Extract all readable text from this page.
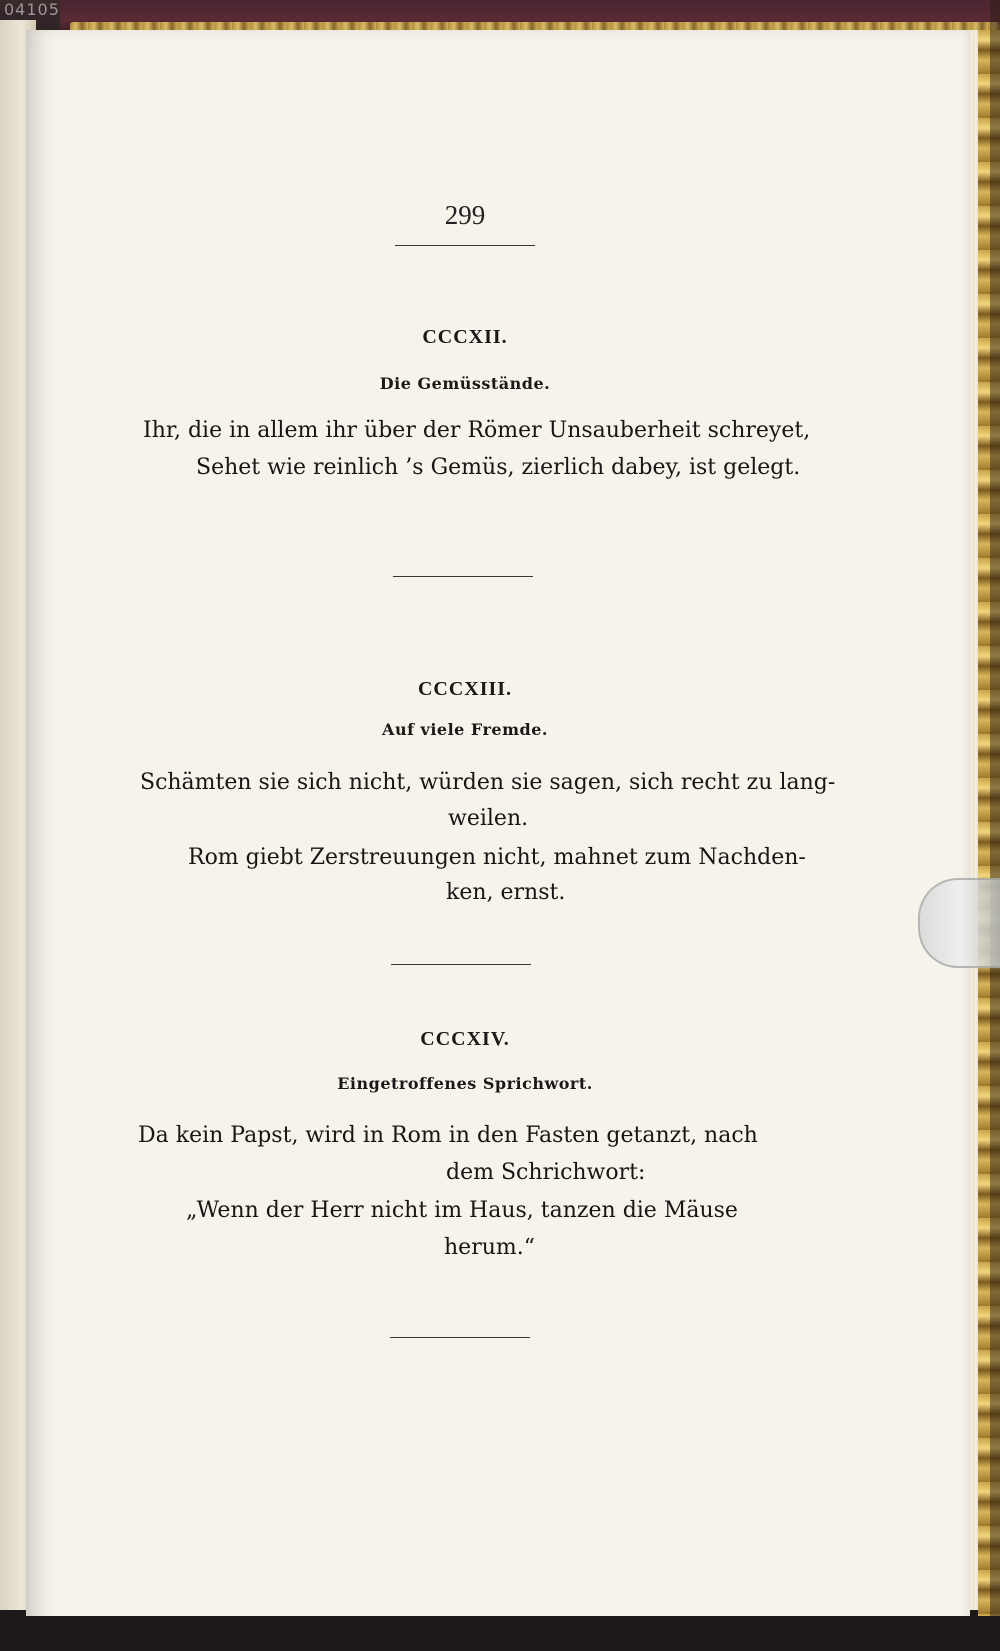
04105
299
CCCXII.
Die Gemüsstände.
Ihr, die in allem ihr über der Römer Unsauberheit schreyet,
Sehet wie reinlich ’s Gemüs, zierlich dabey, ist gelegt.
CCCXIII.
Auf viele Fremde.
Schämten sie sich nicht, würden sie sagen, sich recht zu lang-
weilen.
Rom giebt Zerstreuungen nicht, mahnet zum Nachden-
ken, ernst.
CCCXIV.
Eingetroffenes Sprichwort.
Da kein Papst, wird in Rom in den Fasten getanzt, nach
dem Schrichwort:
„Wenn der Herr nicht im Haus, tanzen die Mäuse
herum.“
